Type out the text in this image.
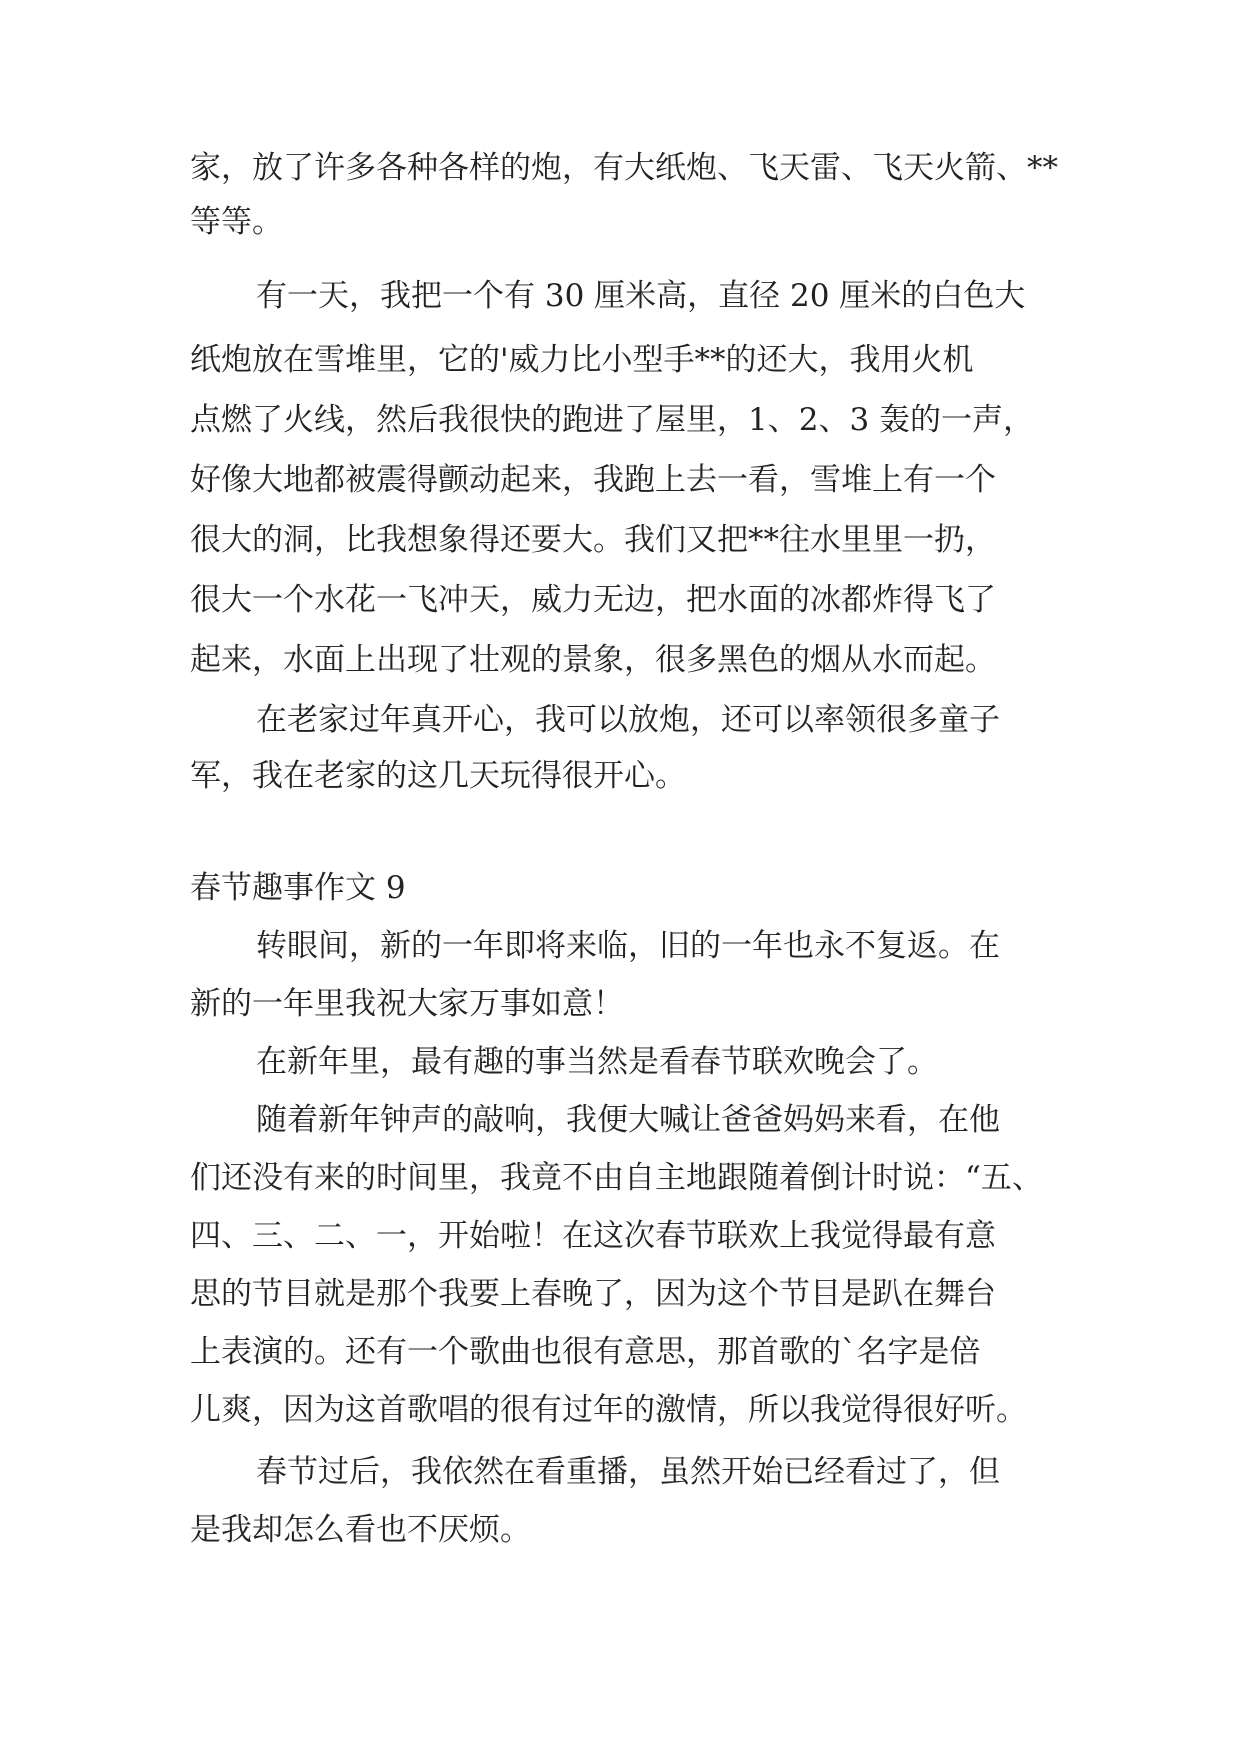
家，放了许多各种各样的炮，有大纸炮、飞天雷、飞天火箭、**
等等。
有一天，我把一个有 30 厘米高，直径 20 厘米的白色大
纸炮放在雪堆里，它的'威力比小型手**的还大，我用火机
点燃了火线，然后我很快的跑进了屋里，1、2、3 轰的一声，
好像大地都被震得颤动起来，我跑上去一看，雪堆上有一个
很大的洞，比我想象得还要大。我们又把**往水里里一扔，
很大一个水花一飞冲天，威力无边，把水面的冰都炸得飞了
起来，水面上出现了壮观的景象，很多黑色的烟从水而起。
在老家过年真开心，我可以放炮，还可以率领很多童子
军，我在老家的这几天玩得很开心。
春节趣事作文 9
转眼间，新的一年即将来临，旧的一年也永不复返。在
新的一年里我祝大家万事如意！
在新年里，最有趣的事当然是看春节联欢晚会了。
随着新年钟声的敲响，我便大喊让爸爸妈妈来看，在他
们还没有来的时间里，我竟不由自主地跟随着倒计时说：“五、
四、三、二、一，开始啦！在这次春节联欢上我觉得最有意
思的节目就是那个我要上春晚了，因为这个节目是趴在舞台
上表演的。还有一个歌曲也很有意思，那首歌的`名字是倍
儿爽，因为这首歌唱的很有过年的激情，所以我觉得很好听。
春节过后，我依然在看重播，虽然开始已经看过了，但
是我却怎么看也不厌烦。
